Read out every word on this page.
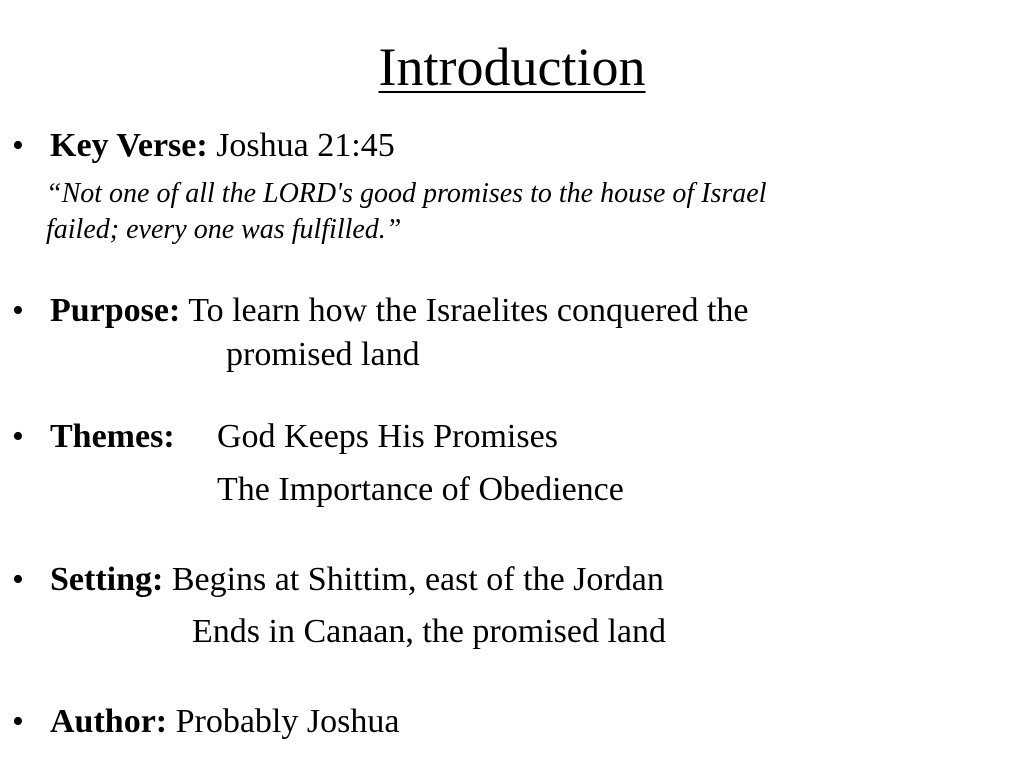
Introduction
• Key Verse: Joshua 21:45
“Not one of all the LORD's good promises to the house of Israel
failed; every one was fulfilled.”
• Purpose: To learn how the Israelites conquered the
promised land
• Themes: God Keeps His Promises
The Importance of Obedience
• Setting: Begins at Shittim, east of the Jordan
Ends in Canaan, the promised land
• Author: Probably Joshua
